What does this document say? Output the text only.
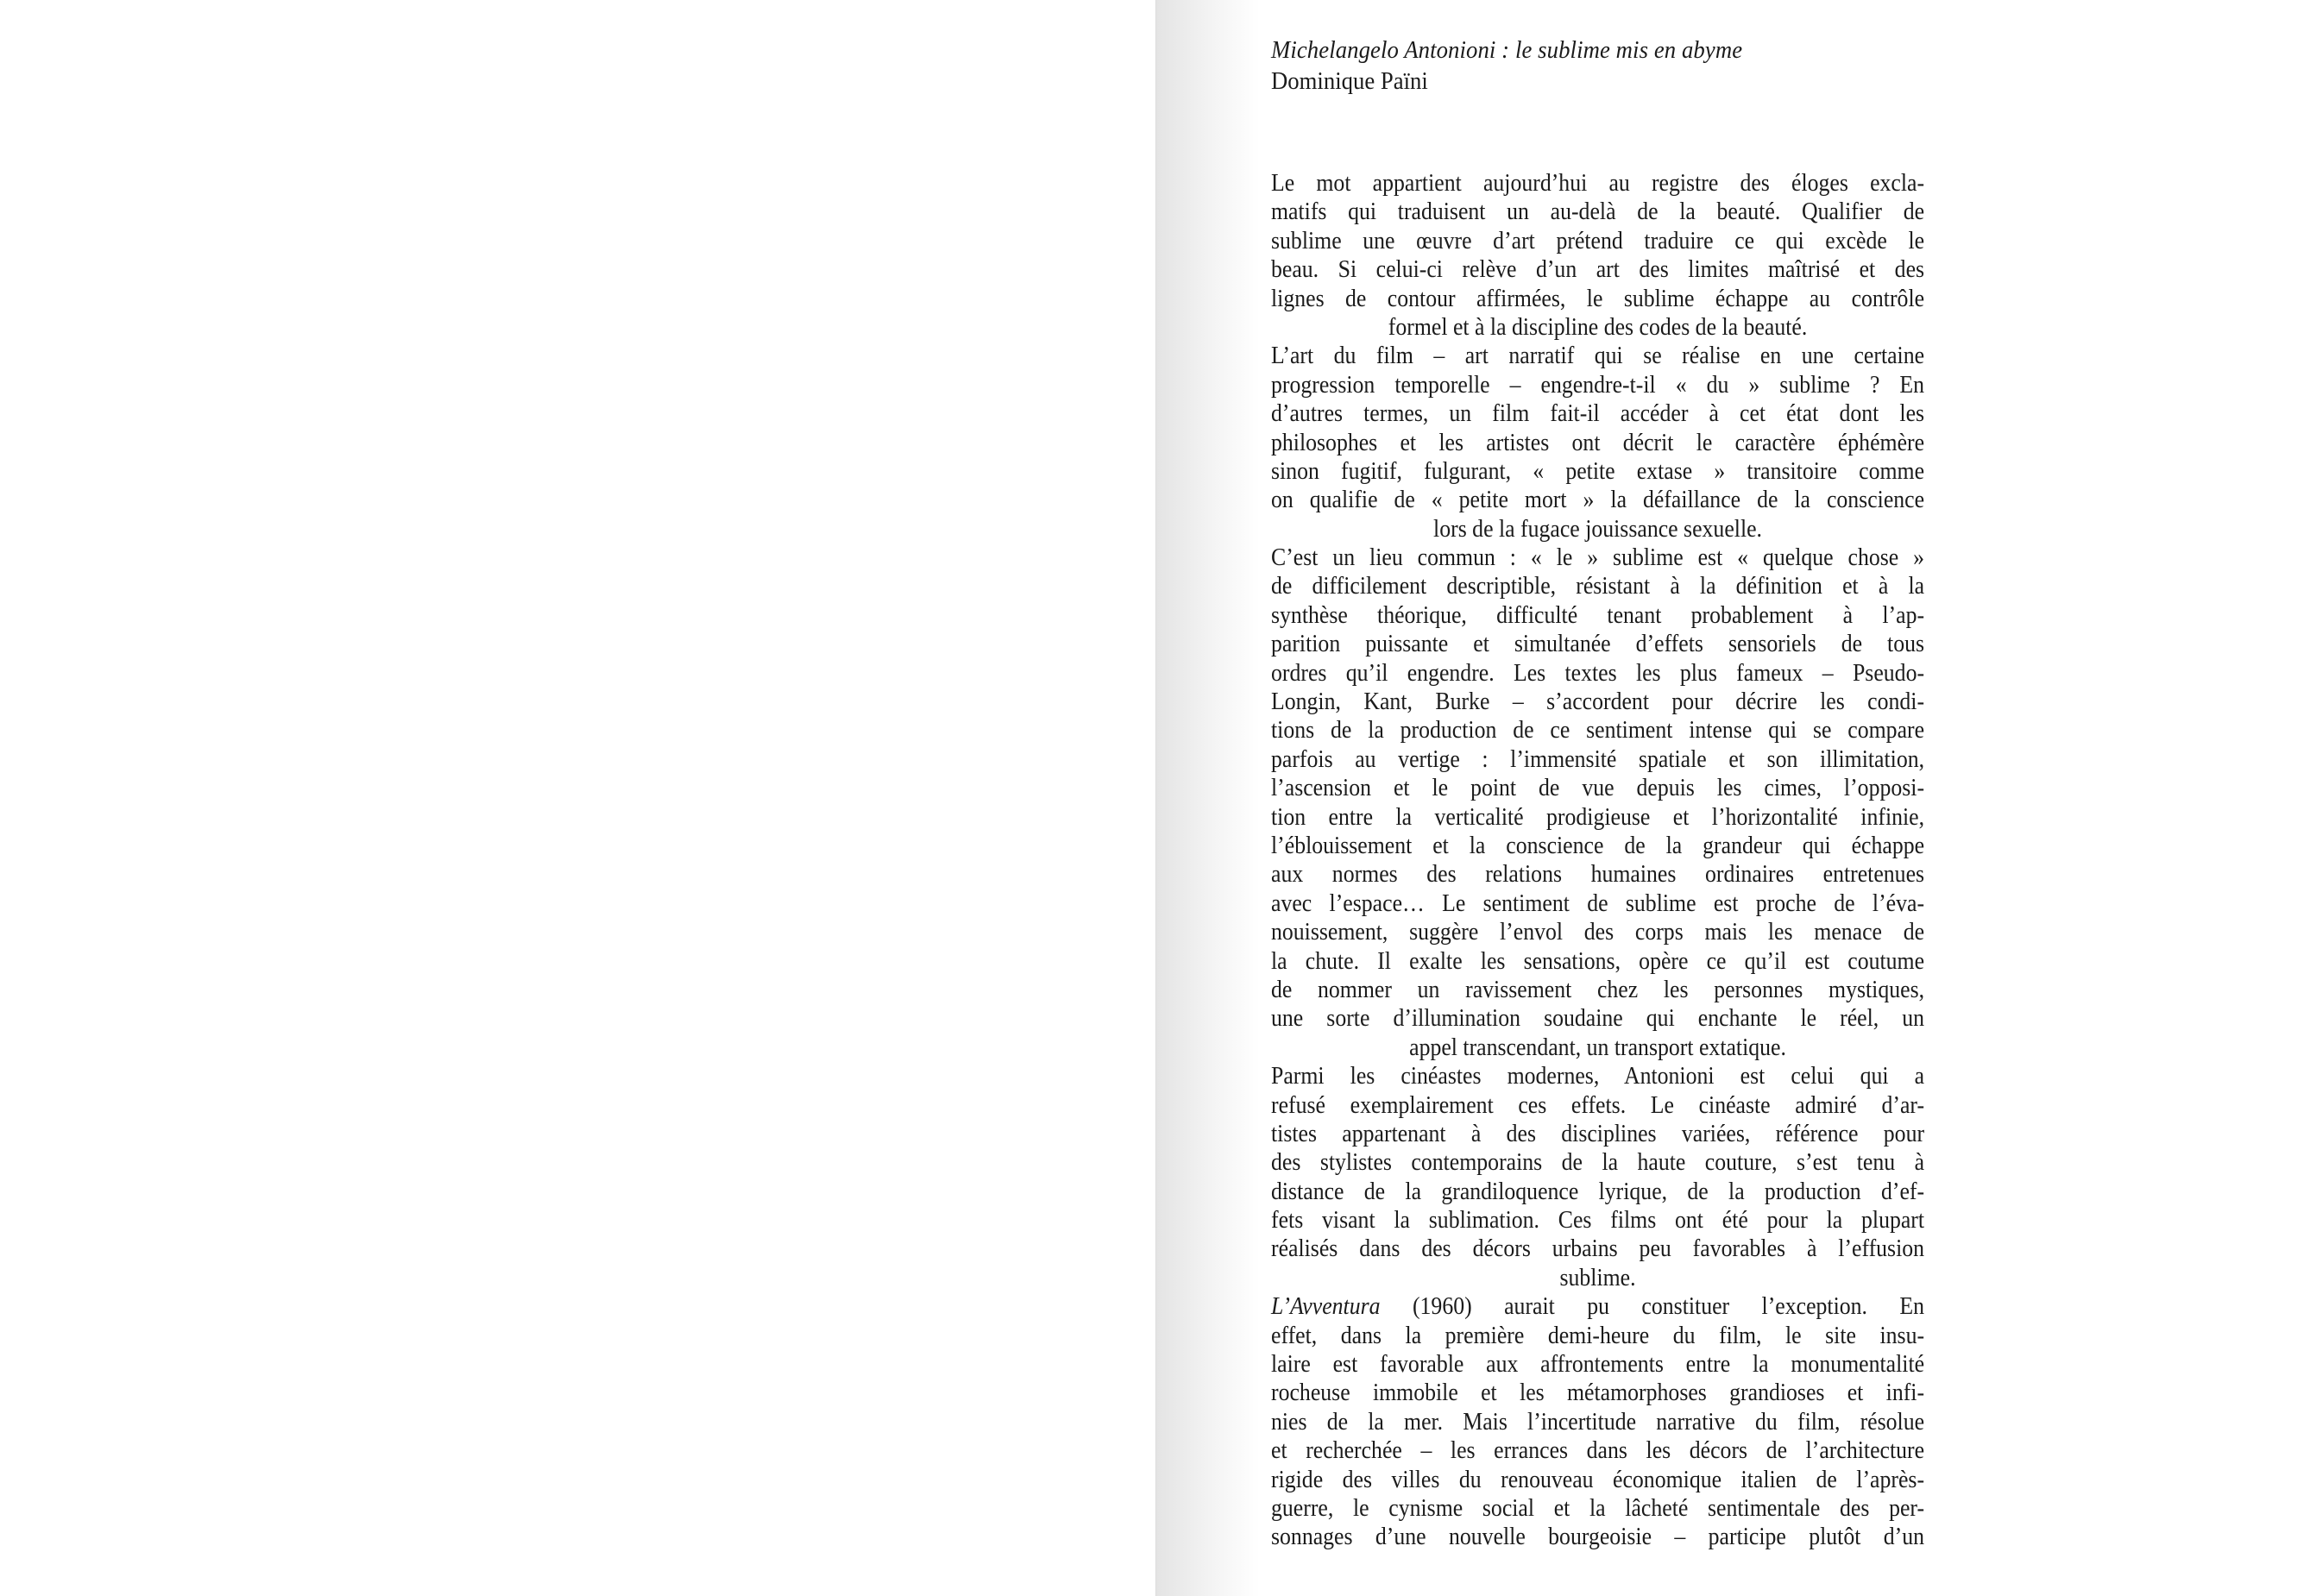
Michelangelo Antonioni : le sublime mis en abyme
Dominique Païni
Le mot appartient aujourd’hui au registre des éloges excla-
matifs qui traduisent un au-delà de la beauté. Qualifier de
sublime une œuvre d’art prétend traduire ce qui excède le
beau. Si celui-ci relève d’un art des limites maîtrisé et des
lignes de contour affirmées, le sublime échappe au contrôle
formel et à la discipline des codes de la beauté.
L’art du film – art narratif qui se réalise en une certaine
progression temporelle – engendre-t-il « du » sublime ? En
d’autres termes, un film fait-il accéder à cet état dont les
philosophes et les artistes ont décrit le caractère éphémère
sinon fugitif, fulgurant, « petite extase » transitoire comme
on qualifie de « petite mort » la défaillance de la conscience
lors de la fugace jouissance sexuelle.
C’est un lieu commun : « le » sublime est « quelque chose »
de difficilement descriptible, résistant à la définition et à la
synthèse théorique, difficulté tenant probablement à l’ap-
parition puissante et simultanée d’effets sensoriels de tous
ordres qu’il engendre. Les textes les plus fameux – Pseudo-
Longin, Kant, Burke – s’accordent pour décrire les condi-
tions de la production de ce sentiment intense qui se compare
parfois au vertige : l’immensité spatiale et son illimitation,
l’ascension et le point de vue depuis les cimes, l’opposi-
tion entre la verticalité prodigieuse et l’horizontalité infinie,
l’éblouissement et la conscience de la grandeur qui échappe
aux normes des relations humaines ordinaires entretenues
avec l’espace… Le sentiment de sublime est proche de l’éva-
nouissement, suggère l’envol des corps mais les menace de
la chute. Il exalte les sensations, opère ce qu’il est coutume
de nommer un ravissement chez les personnes mystiques,
une sorte d’illumination soudaine qui enchante le réel, un
appel transcendant, un transport extatique.
Parmi les cinéastes modernes, Antonioni est celui qui a
refusé exemplairement ces effets. Le cinéaste admiré d’ar-
tistes appartenant à des disciplines variées, référence pour
des stylistes contemporains de la haute couture, s’est tenu à
distance de la grandiloquence lyrique, de la production d’ef-
fets visant la sublimation. Ces films ont été pour la plupart
réalisés dans des décors urbains peu favorables à l’effusion
sublime.
L’Avventura (1960) aurait pu constituer l’exception. En
effet, dans la première demi-heure du film, le site insu-
laire est favorable aux affrontements entre la monumentalité
rocheuse immobile et les métamorphoses grandioses et infi-
nies de la mer. Mais l’incertitude narrative du film, résolue
et recherchée – les errances dans les décors de l’architecture
rigide des villes du renouveau économique italien de l’après-
guerre, le cynisme social et la lâcheté sentimentale des per-
sonnages d’une nouvelle bourgeoisie – participe plutôt d’un
